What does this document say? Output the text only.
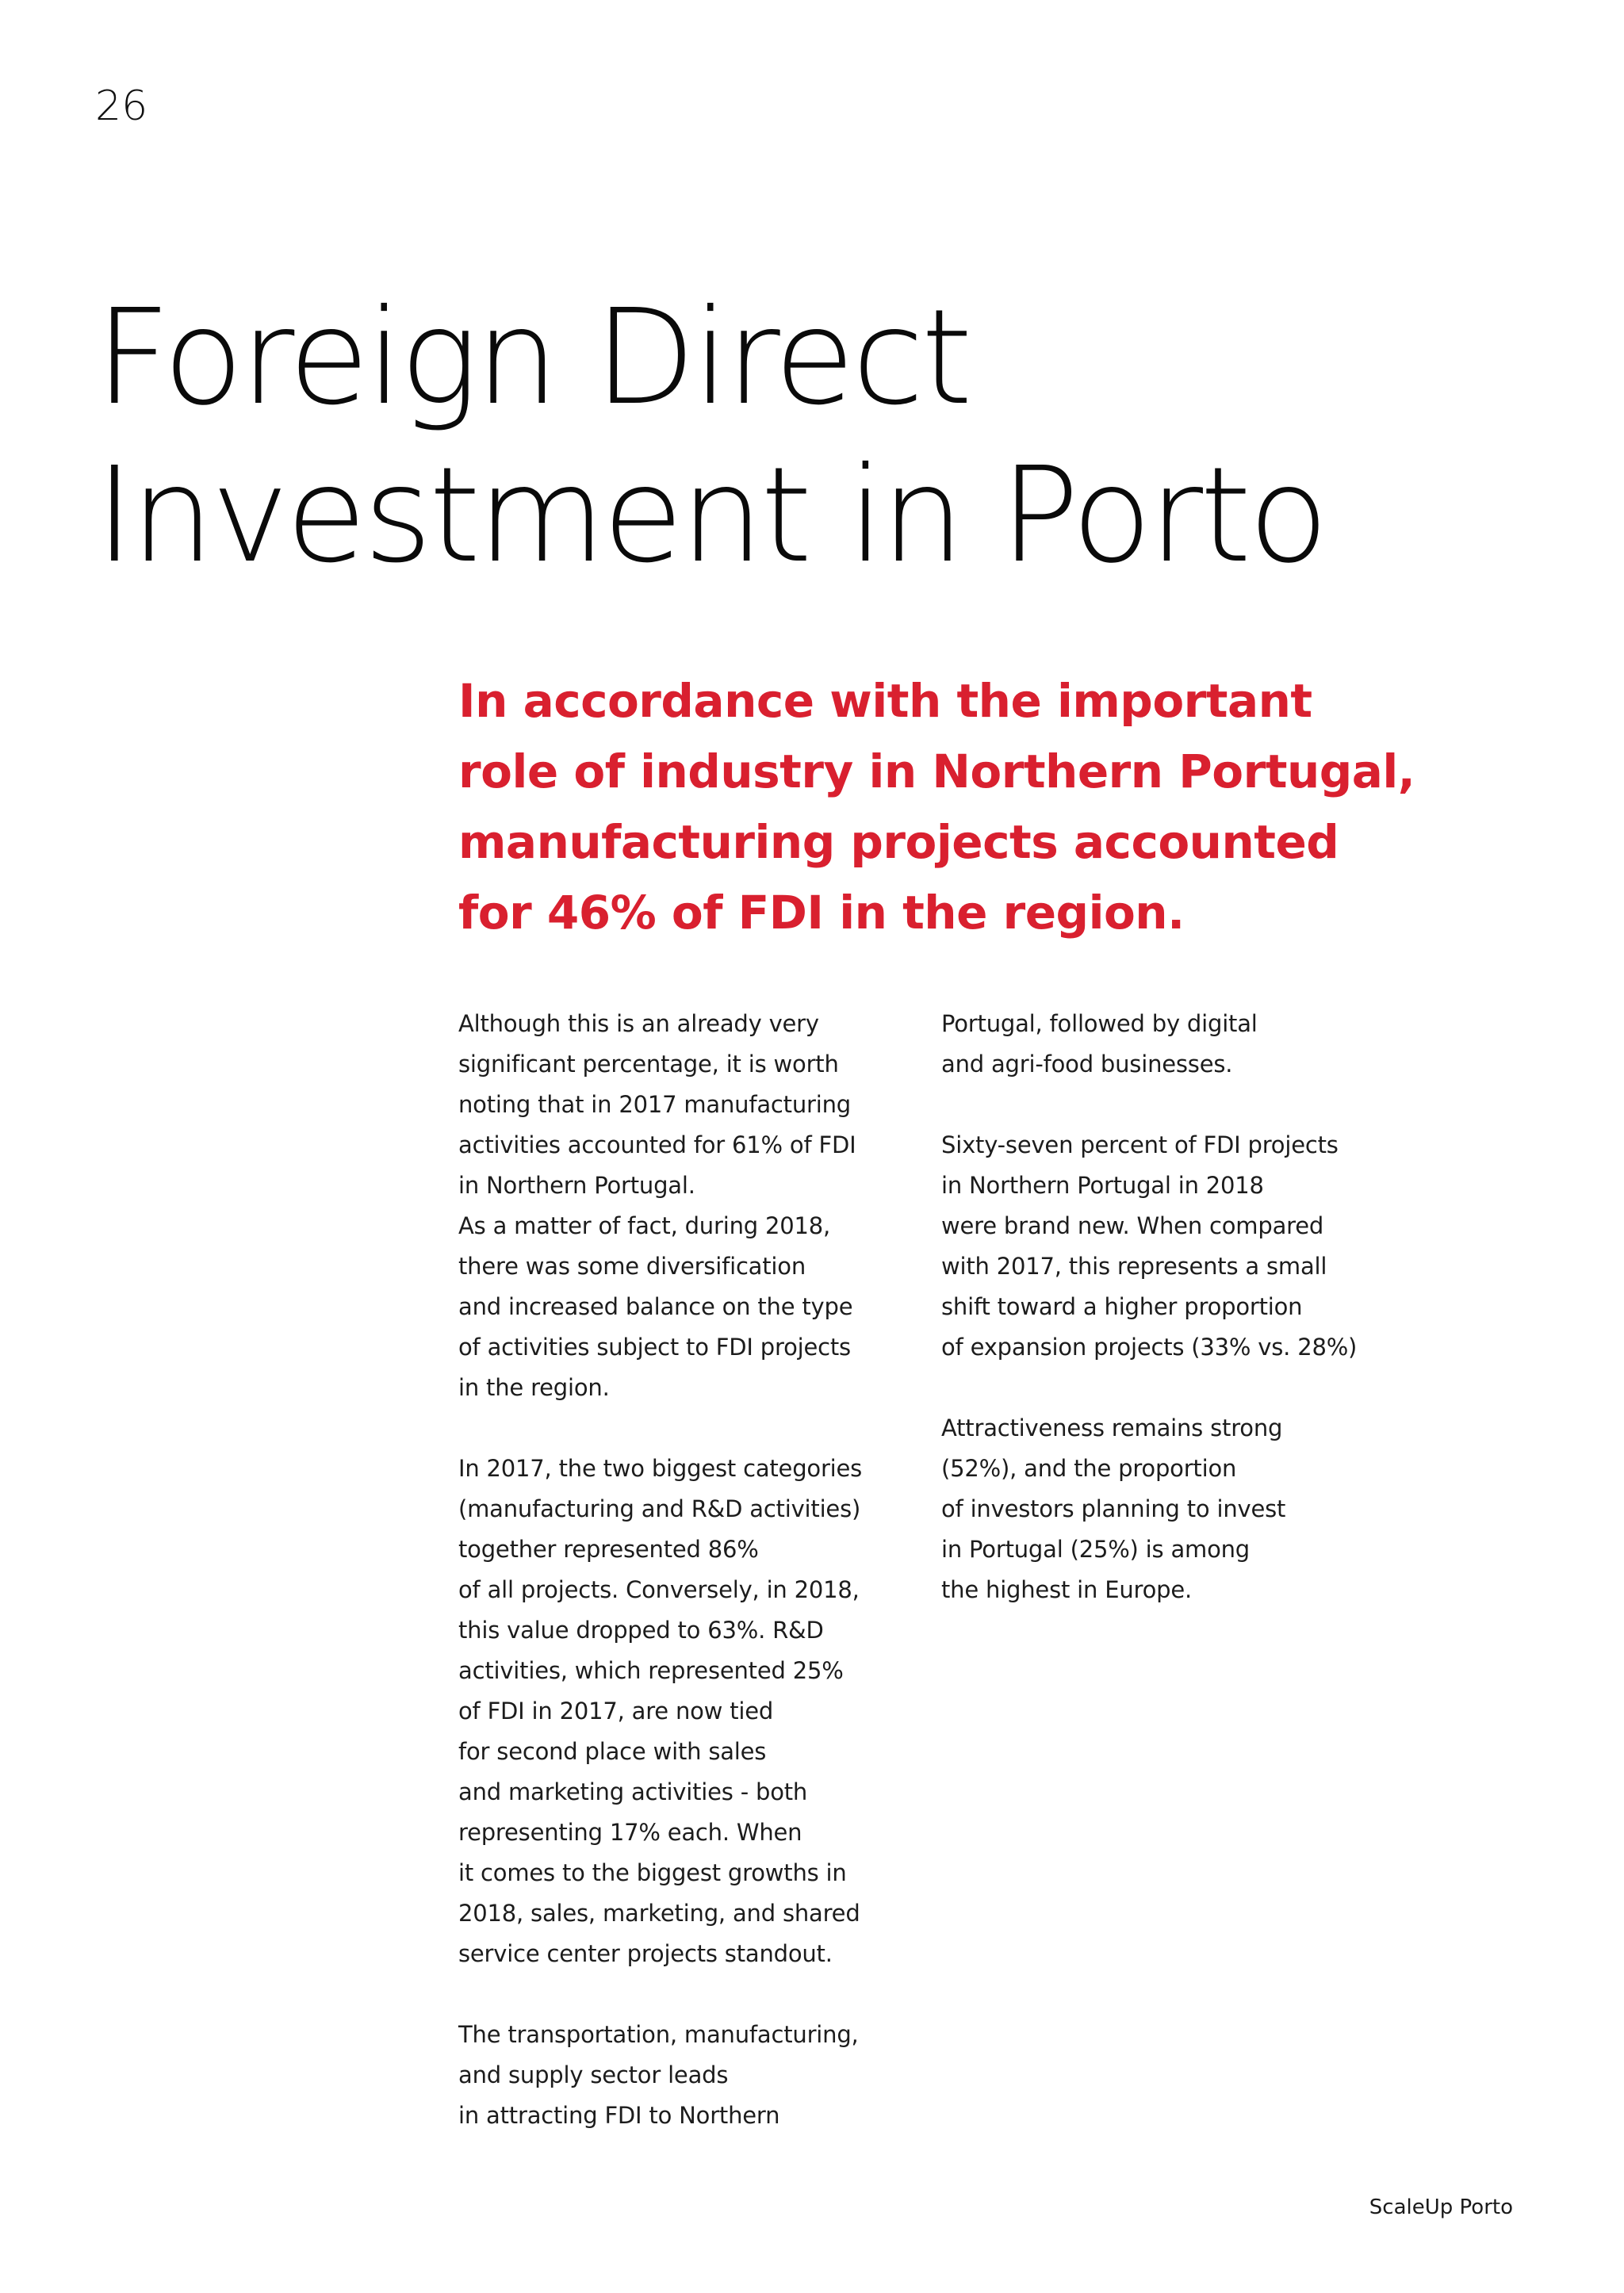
26
Foreign Direct
Investment in Porto

In accordance with the important
role of industry in Northern Portugal,
manufacturing projects accounted
for 46% of FDI in the region.

Although this is an already very
significant percentage, it is worth
noting that in 2017 manufacturing
activities accounted for 61% of FDI
in Northern Portugal.
As a matter of fact, during 2018,
there was some diversification
and increased balance on the type
of activities subject to FDI projects
in the region.
In 2017, the two biggest categories
(manufacturing and R&D activities)
together represented 86%
of all projects. Conversely, in 2018,
this value dropped to 63%. R&D
activities, which represented 25%
of FDI in 2017, are now tied
for second place with sales
and marketing activities - both
representing 17% each. When
it comes to the biggest growths in
2018, sales, marketing, and shared
service center projects standout.
The transportation, manufacturing,
and supply sector leads
in attracting FDI to Northern
Portugal, followed by digital
and agri-food businesses.
Sixty-seven percent of FDI projects
in Northern Portugal in 2018
were brand new. When compared
with 2017, this represents a small
shift toward a higher proportion
of expansion projects (33% vs. 28%)
Attractiveness remains strong
(52%), and the proportion
of investors planning to invest
in Portugal (25%) is among
the highest in Europe.
ScaleUp Porto
